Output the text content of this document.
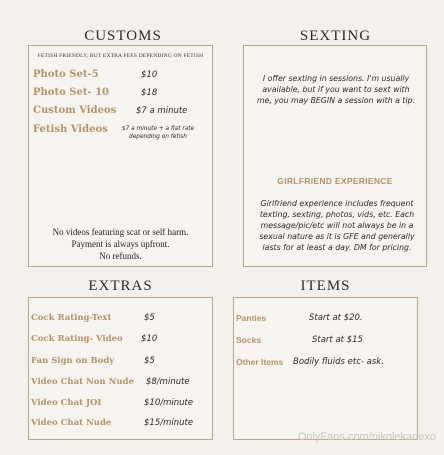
CUSTOMS
FETISH FRIENDLY, BUT EXTRA FEES DEPENDING ON FETISH
Photo Set-5	$10
Photo Set- 10	$18
Custom Videos $7 a minute
Fetish Videos	$7 a minute + a flat rate depending on fetish
No videos featuring scat or self harm.
Payment is always upfront.
No refunds.
SEXTING
I offer sexting in sessions. I'm usually available, but if you want to sext with me, you may BEGIN a session with a tip.
GIRLFRIEND EXPERIENCE
Girlfriend experience includes frequent texting, sexting, photos, vids, etc. Each message/pic/etc will not always be in a sexual nature as it is GFE and generally lasts for at least a day. DM for pricing.
EXTRAS
Cock Rating-Text	$5
Cock Rating- Video $10
Fan Sign on Body	$5
Video Chat Non Nude $8/minute
Video Chat JOI	$10/minute
Video Chat Nude	$15/minute
ITEMS
Panties	Start at $20.
Socks	Start at $15
Other Items Bodily fluids etc- ask.
OnlyFans.com/nikolekanexo
